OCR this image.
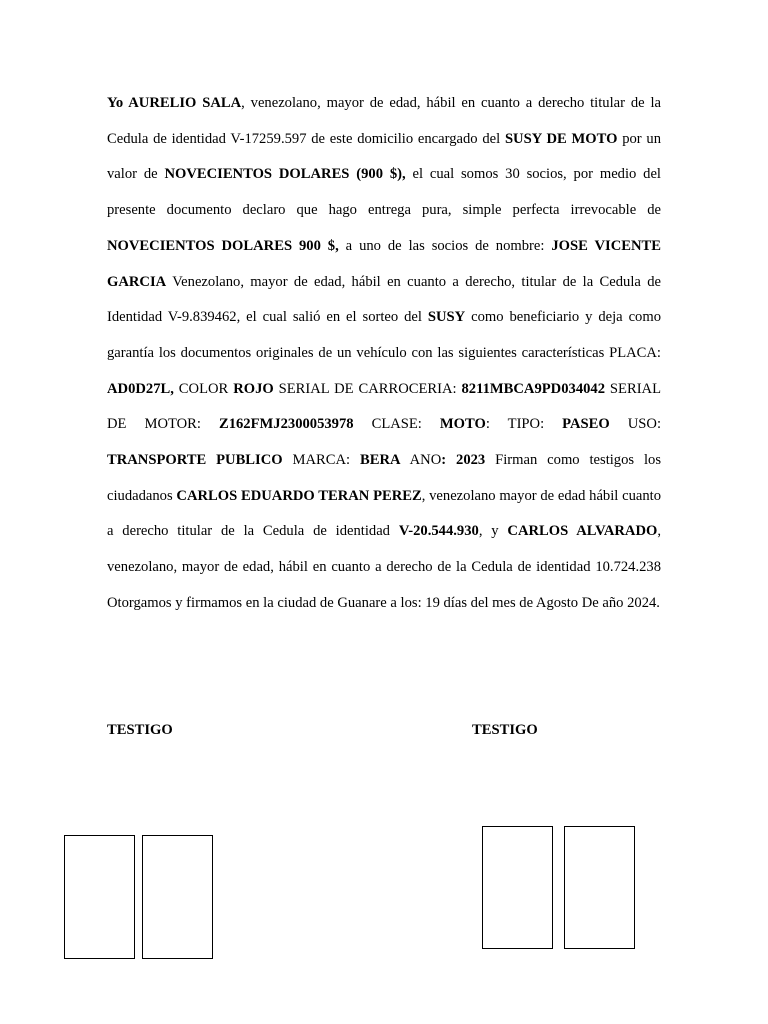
Yo AURELIO SALA, venezolano, mayor de edad, hábil en cuanto a derecho titular de la Cedula de identidad V-17259.597 de este domicilio encargado del SUSY DE MOTO por un valor de NOVECIENTOS DOLARES (900 $), el cual somos 30 socios, por medio del presente documento declaro que hago entrega pura, simple perfecta irrevocable de NOVECIENTOS DOLARES 900 $, a uno de las socios de nombre: JOSE VICENTE GARCIA Venezolano, mayor de edad, hábil en cuanto a derecho, titular de la Cedula de Identidad V-9.839462, el cual salió en el sorteo del SUSY como beneficiario y deja como garantía los documentos originales de un vehículo con las siguientes características PLACA: AD0D27L, COLOR ROJO SERIAL DE CARROCERIA: 8211MBCA9PD034042 SERIAL DE MOTOR: Z162FMJ2300053978 CLASE: MOTO: TIPO: PASEO USO: TRANSPORTE PUBLICO MARCA: BERA ANO: 2023 Firman como testigos los ciudadanos CARLOS EDUARDO TERAN PEREZ, venezolano mayor de edad hábil cuanto a derecho titular de la Cedula de identidad V-20.544.930, y CARLOS ALVARADO, venezolano, mayor de edad, hábil en cuanto a derecho de la Cedula de identidad 10.724.238 Otorgamos y firmamos en la ciudad de Guanare a los: 19 días del mes de Agosto De año 2024.

TESTIGO	TESTIGO
